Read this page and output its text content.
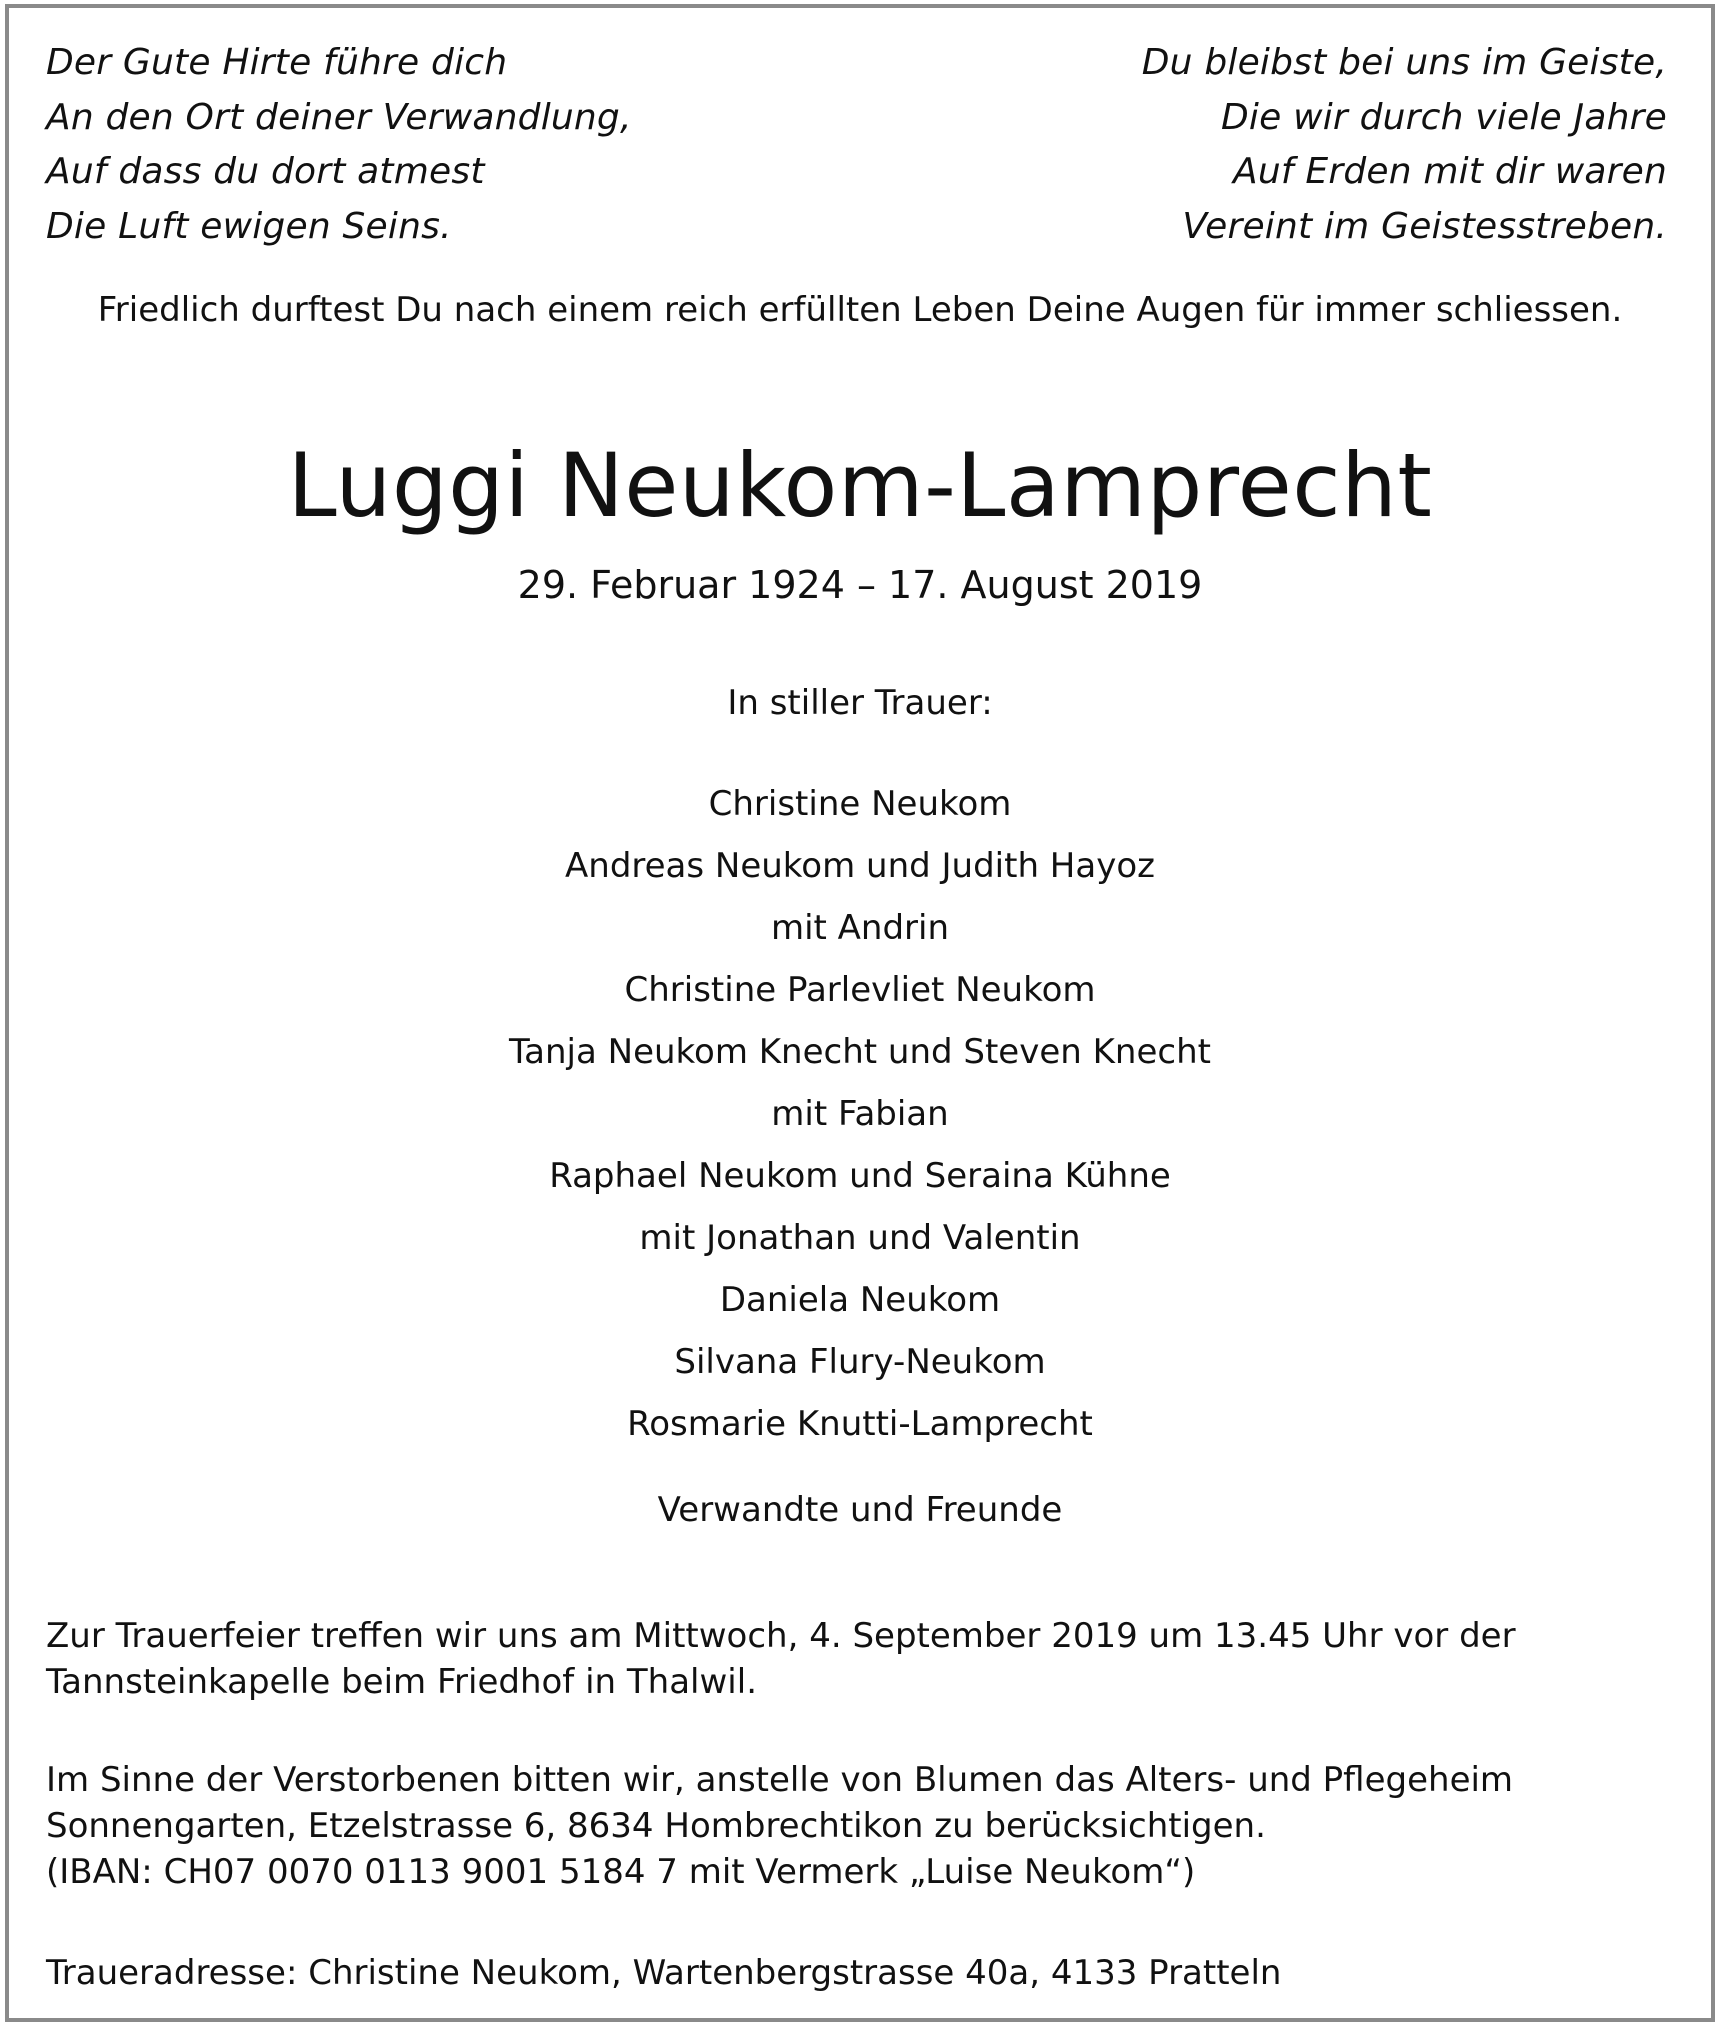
Der Gute Hirte führe dich
An den Ort deiner Verwandlung,
Auf dass du dort atmest
Die Luft ewigen Seins.
Du bleibst bei uns im Geiste,
Die wir durch viele Jahre
Auf Erden mit dir waren
Vereint im Geistesstreben.
Friedlich durftest Du nach einem reich erfüllten Leben Deine Augen für immer schliessen.
Luggi Neukom-Lamprecht
29. Februar 1924 – 17. August 2019
In stiller Trauer:
Christine Neukom
Andreas Neukom und Judith Hayoz
mit Andrin
Christine Parlevliet Neukom
Tanja Neukom Knecht und Steven Knecht
mit Fabian
Raphael Neukom und Seraina Kühne
mit Jonathan und Valentin
Daniela Neukom
Silvana Flury-Neukom
Rosmarie Knutti-Lamprecht
Verwandte und Freunde
Zur Trauerfeier treffen wir uns am Mittwoch, 4. September 2019 um 13.45 Uhr vor der
Tannsteinkapelle beim Friedhof in Thalwil.
Im Sinne der Verstorbenen bitten wir, anstelle von Blumen das Alters- und Pflegeheim
Sonnengarten, Etzelstrasse 6, 8634 Hombrechtikon zu berücksichtigen.
(IBAN: CH07 0070 0113 9001 5184 7 mit Vermerk „Luise Neukom“)
Traueradresse: Christine Neukom, Wartenbergstrasse 40a, 4133 Pratteln
